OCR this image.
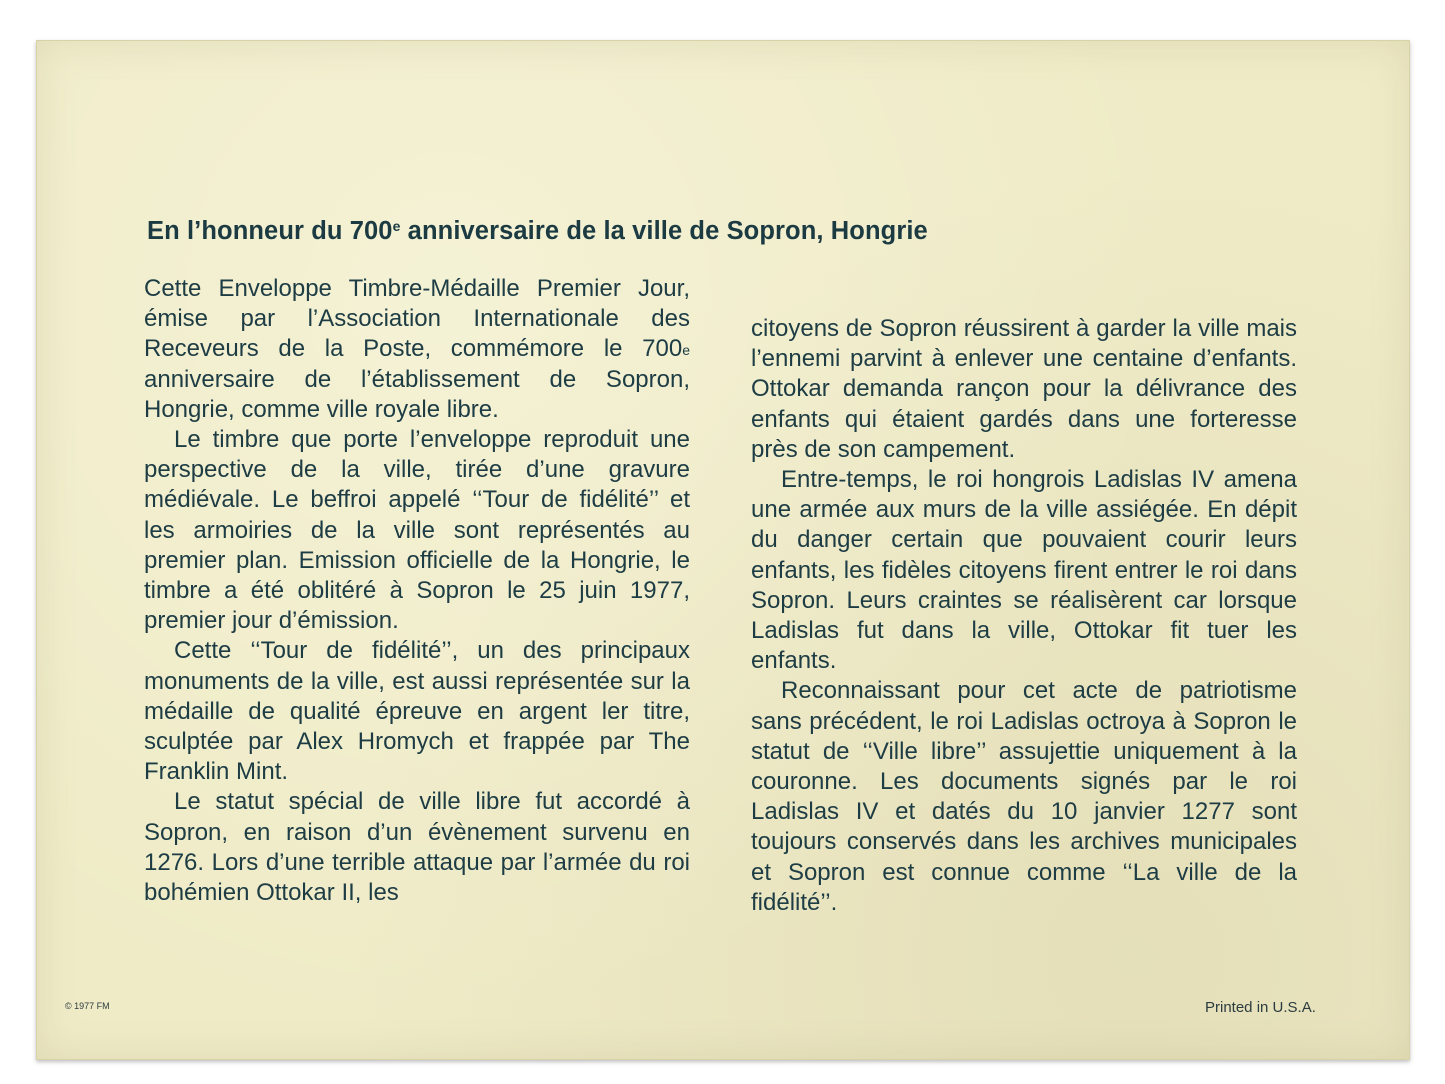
En l’honneur du 700e anniversaire de la ville de Sopron, Hongrie

Cette Enveloppe Timbre-Médaille Premier Jour, émise par l’Association Internationale des Receveurs de la Poste, commémore le 700e anniversaire de l’établissement de Sopron, Hongrie, comme ville royale libre.

Le timbre que porte l’enveloppe reproduit une perspective de la ville, tirée d’une gravure médiévale. Le beffroi appelé ‘‘Tour de fidélité’’ et les armoiries de la ville sont représentés au premier plan. Emission officielle de la Hongrie, le timbre a été oblitéré à Sopron le 25 juin 1977, premier jour d’émission.

Cette ‘‘Tour de fidélité’’, un des principaux monuments de la ville, est aussi représentée sur la médaille de qualité épreuve en argent ler titre, sculptée par Alex Hromych et frappée par The Franklin Mint.

Le statut spécial de ville libre fut accordé à Sopron, en raison d’un évènement survenu en 1276. Lors d’une terrible attaque par l’armée du roi bohémien Ottokar II, les

citoyens de Sopron réussirent à garder la ville mais l’ennemi parvint à enlever une centaine d’enfants. Ottokar demanda rançon pour la délivrance des enfants qui étaient gardés dans une forteresse près de son campement.

Entre-temps, le roi hongrois Ladislas IV amena une armée aux murs de la ville assiégée. En dépit du danger certain que pouvaient courir leurs enfants, les fidèles citoyens firent entrer le roi dans Sopron. Leurs craintes se réalisèrent car lorsque Ladislas fut dans la ville, Ottokar fit tuer les enfants.

Reconnaissant pour cet acte de patriotisme sans précédent, le roi Ladislas octroya à Sopron le statut de ‘‘Ville libre’’ assujettie uniquement à la couronne. Les documents signés par le roi Ladislas IV et datés du 10 janvier 1277 sont toujours conservés dans les archives municipales et Sopron est connue comme ‘‘La ville de la fidélité’’.

© 1977 FM	Printed in U.S.A.
